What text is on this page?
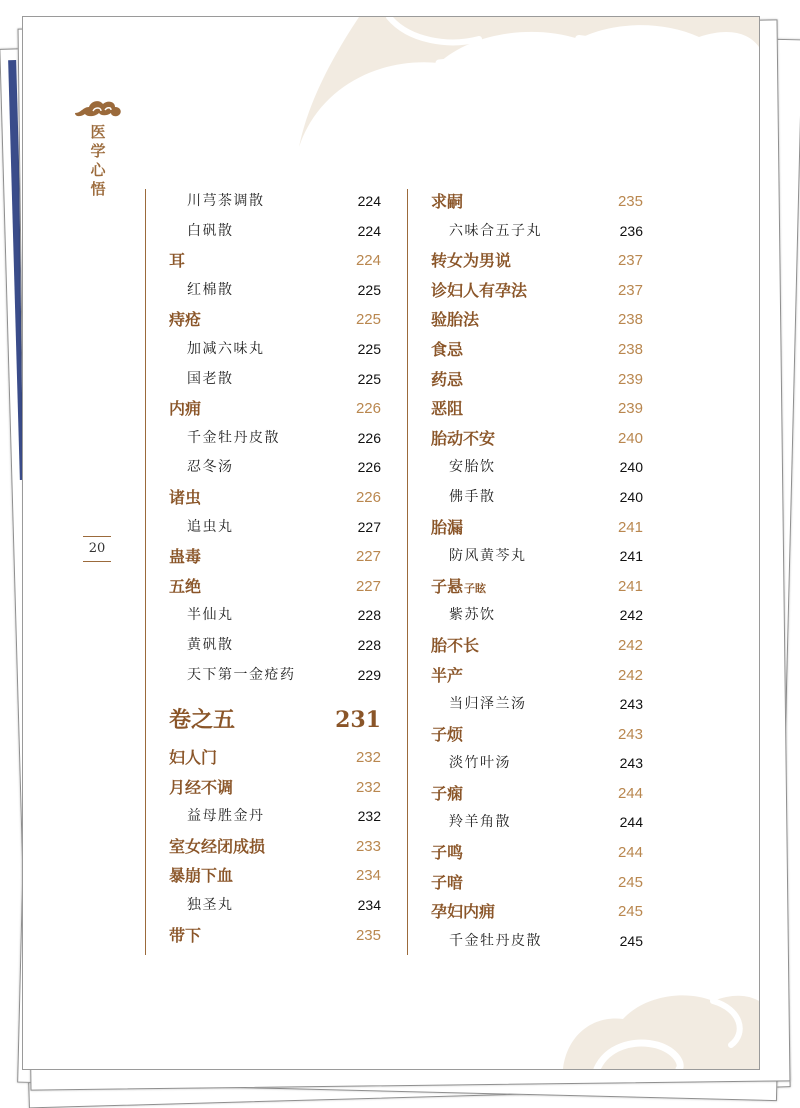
医学心悟
20
川芎茶调散	224
白矾散	224
耳	224
红棉散	225
痔疮	225
加减六味丸	225
国老散	225
内痈	226
千金牡丹皮散	226
忍冬汤	226
诸虫	226
追虫丸	227
蛊毒	227
五绝	227
半仙丸	228
黄矾散	228
天下第一金疮药	229
卷之五	231
妇人门	232
月经不调	232
益母胜金丹	232
室女经闭成损	233
暴崩下血	234
独圣丸	234
带下	235
求嗣	235
六味合五子丸	236
转女为男说	237
诊妇人有孕法	237
验胎法	238
食忌	238
药忌	239
恶阻	239
胎动不安	240
安胎饮	240
佛手散	240
胎漏	241
防风黄芩丸	241
子悬子眩	241
紫苏饮	242
胎不长	242
半产	242
当归泽兰汤	243
子烦	243
淡竹叶汤	243
子痫	244
羚羊角散	244
子鸣	244
子喑	245
孕妇内痈	245
千金牡丹皮散	245
